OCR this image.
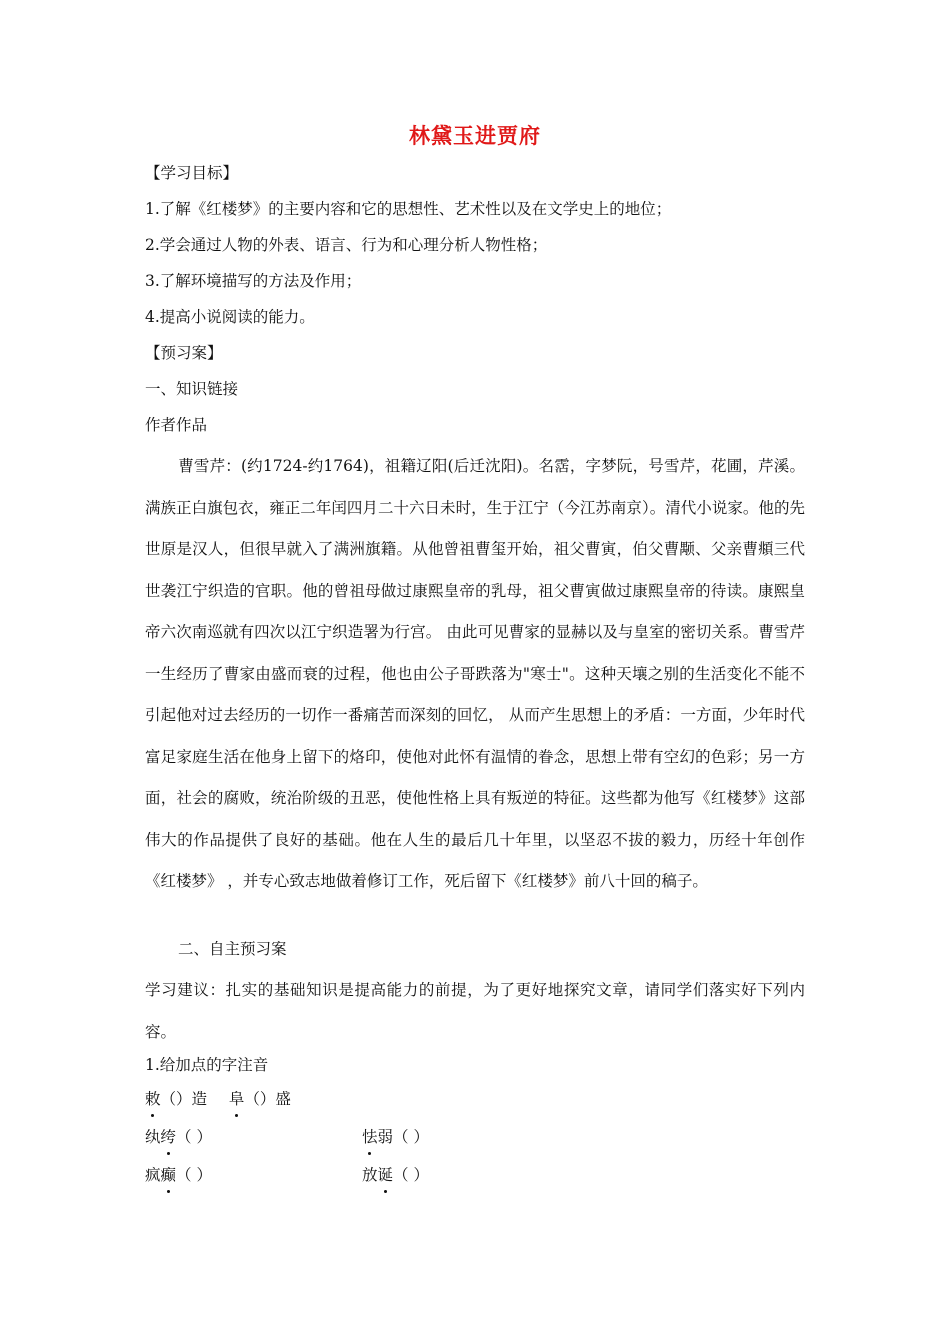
林黛玉进贾府
【学习目标】
1.了解《红楼梦》的主要内容和它的思想性、艺术性以及在文学史上的地位；
2.学会通过人物的外表、语言、行为和心理分析人物性格；
3.了解环境描写的方法及作用；
4.提高小说阅读的能力。
【预习案】
一、知识链接
作者作品
曹雪芹：(约1724-约1764)，祖籍辽阳(后迁沈阳)。名霑，字梦阮，号雪芹，花圃，芹溪。满族正白旗包衣，雍正二年闰四月二十六日未时，生于江宁（今江苏南京）。清代小说家。他的先世原是汉人，但很早就入了满洲旗籍。从他曾祖曹玺开始，祖父曹寅，伯父曹颙、父亲曹頫三代世袭江宁织造的官职。他的曾祖母做过康熙皇帝的乳母，祖父曹寅做过康熙皇帝的待读。康熙皇帝六次南巡就有四次以江宁织造署为行宫。 由此可见曹家的显赫以及与皇室的密切关系。曹雪芹一生经历了曹家由盛而衰的过程，他也由公子哥跌落为"寒士"。这种天壤之别的生活变化不能不引起他对过去经历的一切作一番痛苦而深刻的回忆， 从而产生思想上的矛盾：一方面，少年时代富足家庭生活在他身上留下的烙印，使他对此怀有温情的眷念，思想上带有空幻的色彩；另一方面，社会的腐败，统治阶级的丑恶，使他性格上具有叛逆的特征。这些都为他写《红楼梦》这部伟大的作品提供了良好的基础。他在人生的最后几十年里，以坚忍不拔的毅力，历经十年创作《红楼梦》 ，并专心致志地做着修订工作，死后留下《红楼梦》前八十回的稿子。
二、自主预习案
学习建议：扎实的基础知识是提高能力的前提，为了更好地探究文章，请同学们落实好下列内容。
1.给加点的字注音
敕（）造 阜（）盛
纨绔（ ）	怯弱（ ）
疯癫（ ）	放诞（ ）
